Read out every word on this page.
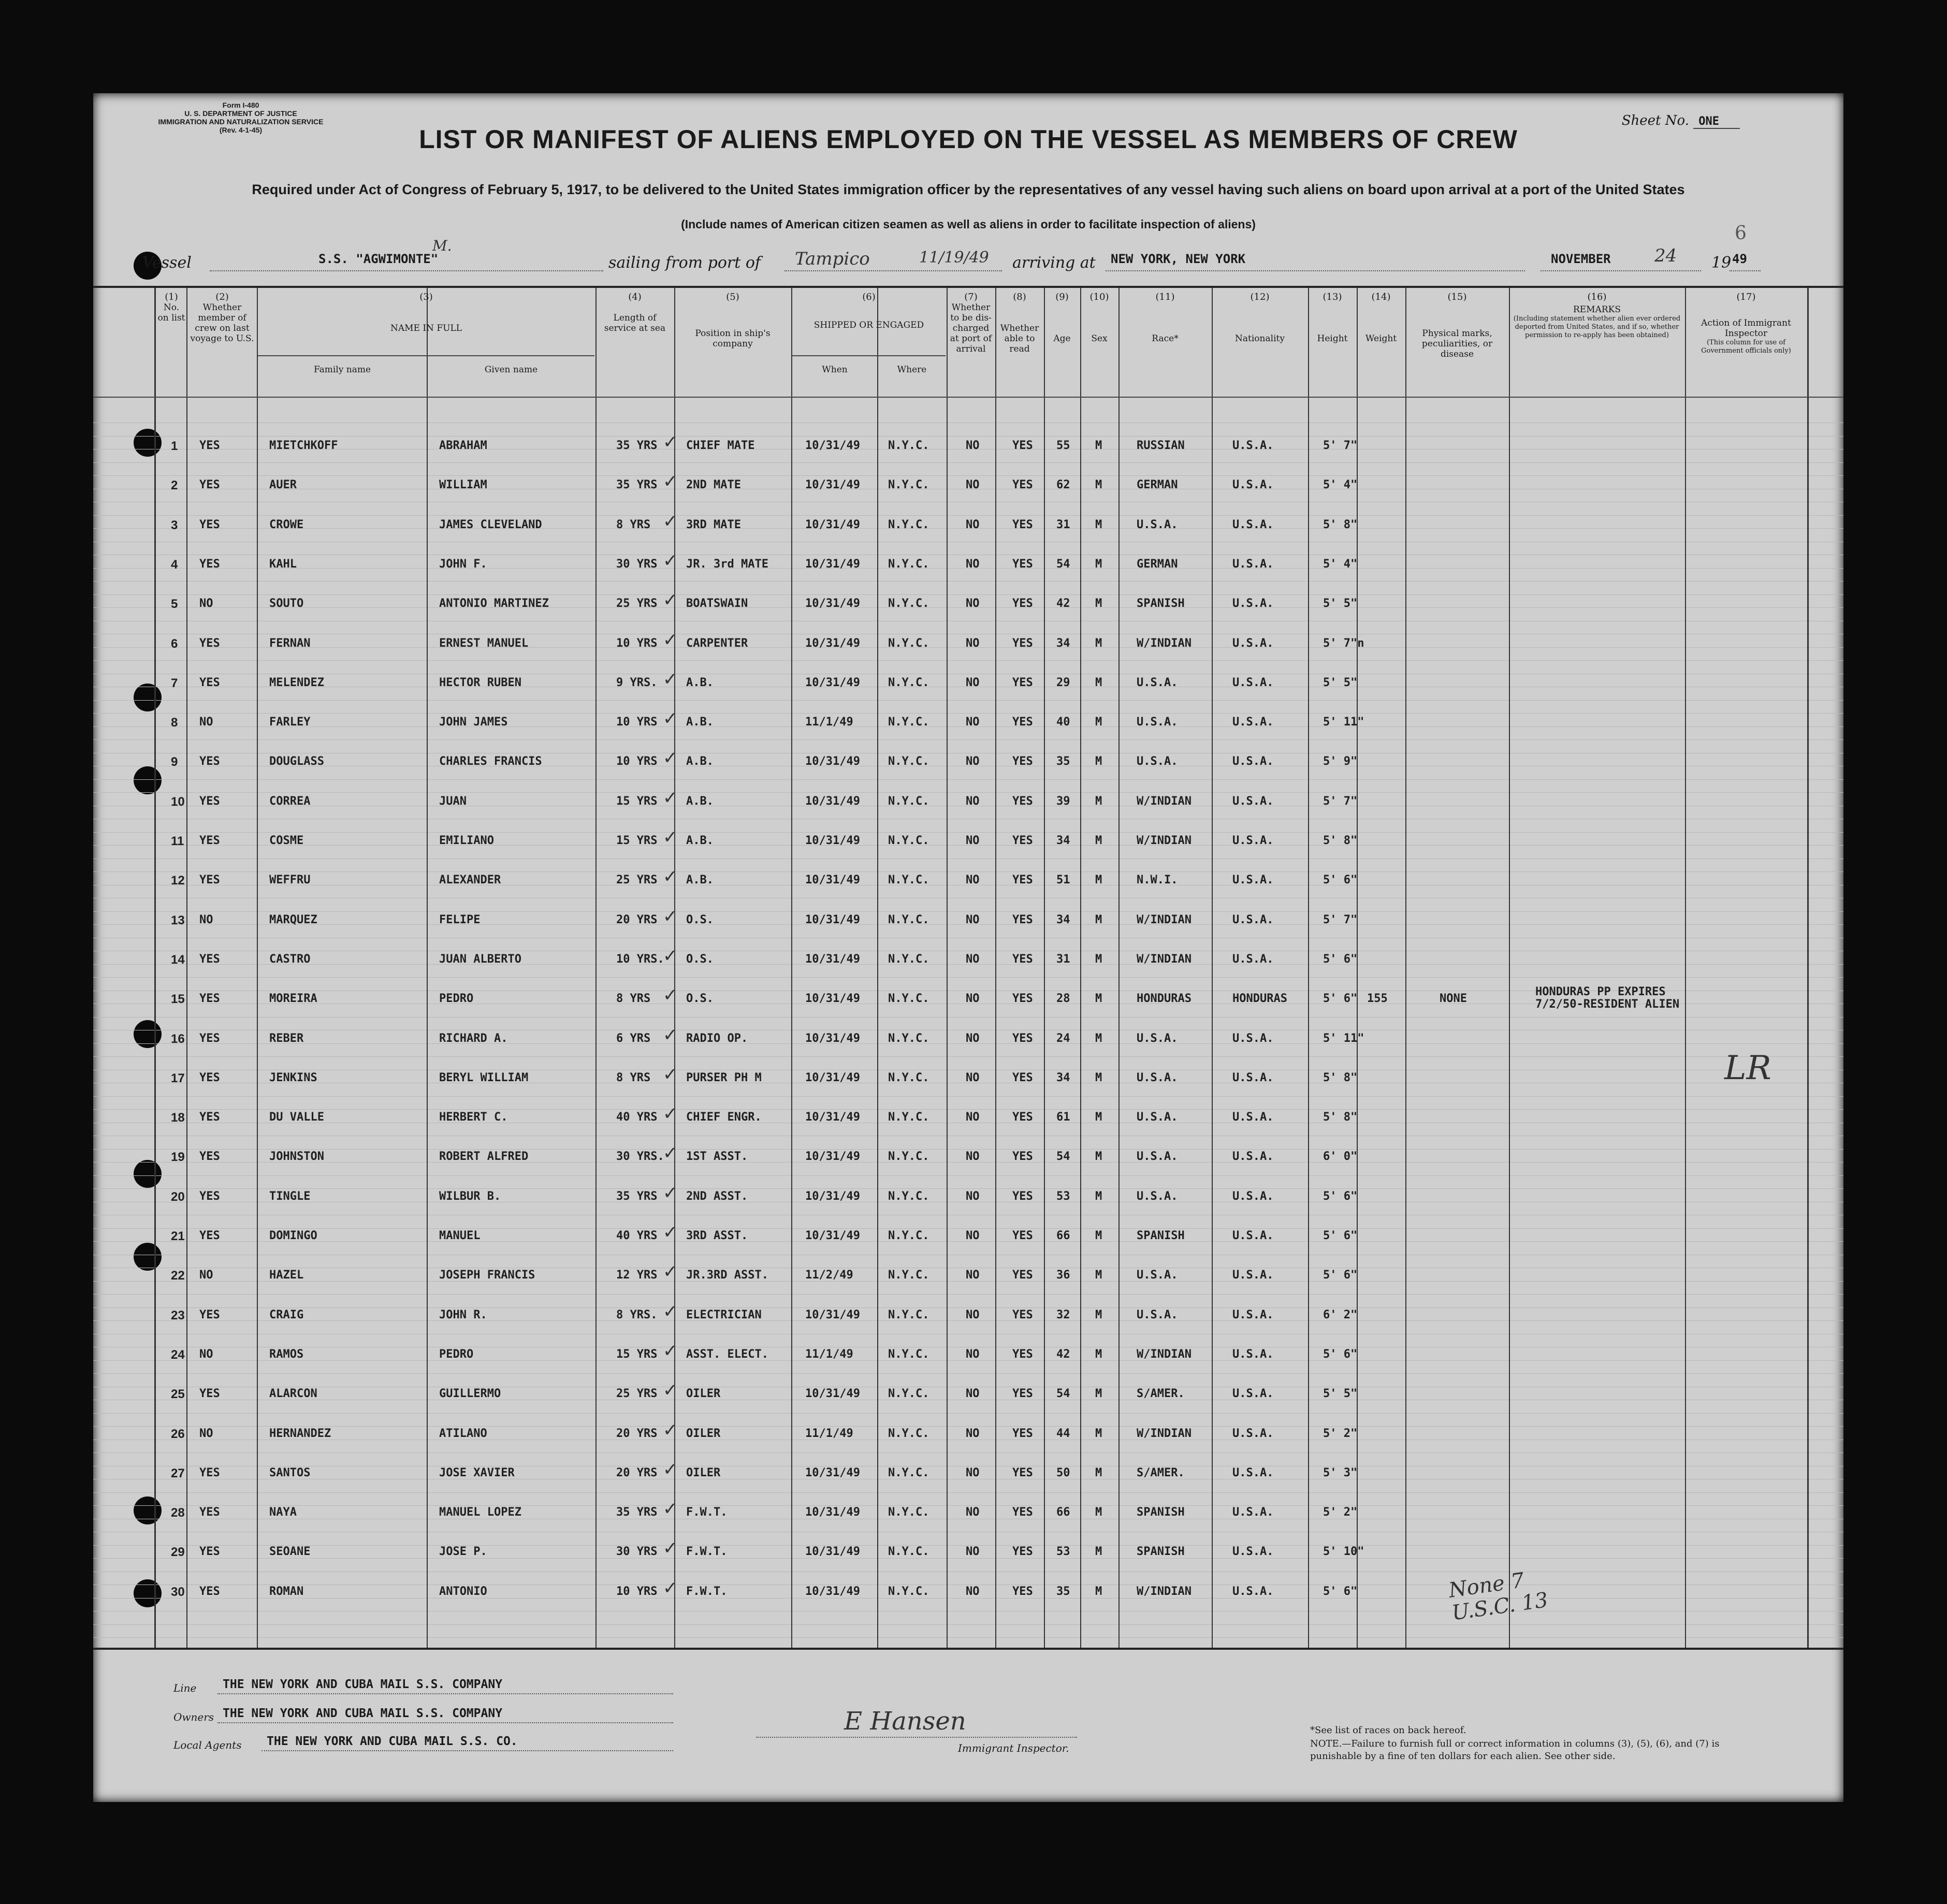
Form I-480
U. S. DEPARTMENT OF JUSTICE
IMMIGRATION AND NATURALIZATION SERVICE
(Rev. 4-1-45)
Sheet No. ONE
LIST OR MANIFEST OF ALIENS EMPLOYED ON THE VESSEL AS MEMBERS OF CREW
Required under Act of Congress of February 5, 1917, to be delivered to the United States immigration officer by the representatives of any vessel having such aliens on board upon arrival at a port of the United States
(Include names of American citizen seamen as well as aliens in order to facilitate inspection of aliens)	6
Vessel
M.
S.S. "AGWIMONTE"	sailing from port of Tampico	11/19/49 arriving at NEW YORK, NEW YORK	NOVEMBER 24 19 49
(1)
No. on list
(2)
Whether member of crew on last voyage to U.S.
(3)
NAME IN FULL
Family name	Given name
(4)
Length of service at sea
(5)
Position in ship's company
(6)
SHIPPED OR ENGAGED
When	Where
(7)
Whether to be dis-charged at port of arrival
(8)
Whether able to read
(9)
Age
(10)
Sex
(11)
Race*
(12)
Nationality
(13)
Height
(14)
Weight
(15)
Physical marks, peculiarities, or disease
(16)
REMARKS
(Including statement whether alien ever ordered deported from United States, and if so, whether permission to re-apply has been obtained)
(17)
Action of Immigrant Inspector
(This column for use of Government officials only)
1 YES	MIETCHKOFF	ABRAHAM	35 YRS	CHIEF MATE	10/31/49 N.Y.C.	NO	YES 55 M	RUSSIAN	U.S.A.	5' 7"
✓
2 YES	AUER	WILLIAM	35 YRS	2ND MATE	10/31/49 N.Y.C.	NO	YES 62 M	GERMAN	U.S.A.	5' 4"
✓
3 YES	CROWE	JAMES CLEVELAND	8 YRS	3RD MATE	10/31/49 N.Y.C.	NO	YES 31 M	U.S.A.	U.S.A.	5' 8"
✓
4 YES	KAHL	JOHN F.	30 YRS	JR. 3rd MATE	10/31/49 N.Y.C.	NO	YES 54 M	GERMAN	U.S.A.	5' 4"
✓
5 NO	SOUTO	ANTONIO MARTINEZ	25 YRS	BOATSWAIN	10/31/49 N.Y.C.	NO	YES 42 M	SPANISH	U.S.A.	5' 5"
✓
6 YES	FERNAN	ERNEST MANUEL	10 YRS	CARPENTER	10/31/49 N.Y.C.	NO	YES 34 M	W/INDIAN	U.S.A.	5' 7"n
✓
7 YES	MELENDEZ	HECTOR RUBEN	9 YRS.	A.B.	10/31/49 N.Y.C.	NO	YES 29 M	U.S.A.	U.S.A.	5' 5"
✓
8 NO	FARLEY	JOHN JAMES	10 YRS	A.B.	11/1/49	N.Y.C.	NO	YES 40 M	U.S.A.	U.S.A.	5' 11"
✓
9 YES	DOUGLASS	CHARLES FRANCIS	10 YRS	A.B.	10/31/49 N.Y.C.	NO	YES 35 M	U.S.A.	U.S.A.	5' 9"
✓
10 YES	CORREA	JUAN	15 YRS	A.B.	10/31/49 N.Y.C.	NO	YES 39 M	W/INDIAN	U.S.A.	5' 7"
✓
11 YES	COSME	EMILIANO	15 YRS	A.B.	10/31/49 N.Y.C.	NO	YES 34 M	W/INDIAN	U.S.A.	5' 8"
✓
12 YES	WEFFRU	ALEXANDER	25 YRS	A.B.	10/31/49 N.Y.C.	NO	YES 51 M	N.W.I.	U.S.A.	5' 6"
✓
13 NO	MARQUEZ	FELIPE	20 YRS	O.S.	10/31/49 N.Y.C.	NO	YES 34 M	W/INDIAN	U.S.A.	5' 7"
✓
14 YES	CASTRO	JUAN ALBERTO	10 YRS. O.S.	10/31/49 N.Y.C.	NO	YES 31 M	W/INDIAN	U.S.A.	5' 6"
✓
15 YES	MOREIRA	PEDRO	8 YRS	O.S.	10/31/49 N.Y.C.	NO	YES 28 M	HONDURAS	HONDURAS	5' 6" 155	NONE
HONDURAS PP EXPIRES 7/2/50-RESIDENT ALIEN
✓
16 YES	REBER	RICHARD A.	6 YRS	RADIO OP.	10/31/49 N.Y.C.	NO	YES 24 M	U.S.A.	U.S.A.	5' 11"
✓
17 YES	JENKINS	BERYL WILLIAM	8 YRS	PURSER PH M	10/31/49 N.Y.C.	NO	YES 34 M	U.S.A.	U.S.A.	5' 8"
✓
18 YES	DU VALLE	HERBERT C.	40 YRS	CHIEF ENGR.	10/31/49 N.Y.C.	NO	YES 61 M	U.S.A.	U.S.A.	5' 8"
✓
19 YES	JOHNSTON	ROBERT ALFRED	30 YRS. 1ST ASST.	10/31/49 N.Y.C.	NO	YES 54 M	U.S.A.	U.S.A.	6' 0"
✓
20 YES	TINGLE	WILBUR B.	35 YRS	2ND ASST.	10/31/49 N.Y.C.	NO	YES 53 M	U.S.A.	U.S.A.	5' 6"
✓
21 YES	DOMINGO	MANUEL	40 YRS	3RD ASST.	10/31/49 N.Y.C.	NO	YES 66 M	SPANISH	U.S.A.	5' 6"
✓
22 NO	HAZEL	JOSEPH FRANCIS	12 YRS	JR.3RD ASST.	11/2/49	N.Y.C.	NO	YES 36 M	U.S.A.	U.S.A.	5' 6"
✓
23 YES	CRAIG	JOHN R.	8 YRS.	ELECTRICIAN	10/31/49 N.Y.C.	NO	YES 32 M	U.S.A.	U.S.A.	6' 2"
✓
24 NO	RAMOS	PEDRO	15 YRS	ASST. ELECT.	11/1/49	N.Y.C.	NO	YES 42 M	W/INDIAN	U.S.A.	5' 6"
✓
25 YES	ALARCON	GUILLERMO	25 YRS	OILER	10/31/49 N.Y.C.	NO	YES 54 M	S/AMER.	U.S.A.	5' 5"
✓
26 NO	HERNANDEZ	ATILANO	20 YRS	OILER	11/1/49	N.Y.C.	NO	YES 44 M	W/INDIAN	U.S.A.	5' 2"
✓
27 YES	SANTOS	JOSE XAVIER	20 YRS	OILER	10/31/49 N.Y.C.	NO	YES 50 M	S/AMER.	U.S.A.	5' 3"
✓
28 YES	NAYA	MANUEL LOPEZ	35 YRS	F.W.T.	10/31/49 N.Y.C.	NO	YES 66 M	SPANISH	U.S.A.	5' 2"
✓
29 YES	SEOANE	JOSE P.	30 YRS	F.W.T.	10/31/49 N.Y.C.	NO	YES 53 M	SPANISH	U.S.A.	5' 10"
✓
30 YES	ROMAN	ANTONIO	10 YRS	F.W.T.	10/31/49 N.Y.C.	NO	YES 35 M	W/INDIAN	U.S.A.	5' 6"
✓
LR
None 7 U.S.C. 13
Line THE NEW YORK AND CUBA MAIL S.S. COMPANY
Owners THE NEW YORK AND CUBA MAIL S.S. COMPANY
Local Agents THE NEW YORK AND CUBA MAIL S.S. CO.
E Hansen
Immigrant Inspector.
*See list of races on back hereof.
NOTE.—Failure to furnish full or correct information in columns (3), (5), (6), and (7) is punishable by a fine of ten dollars for each alien. See other side.
